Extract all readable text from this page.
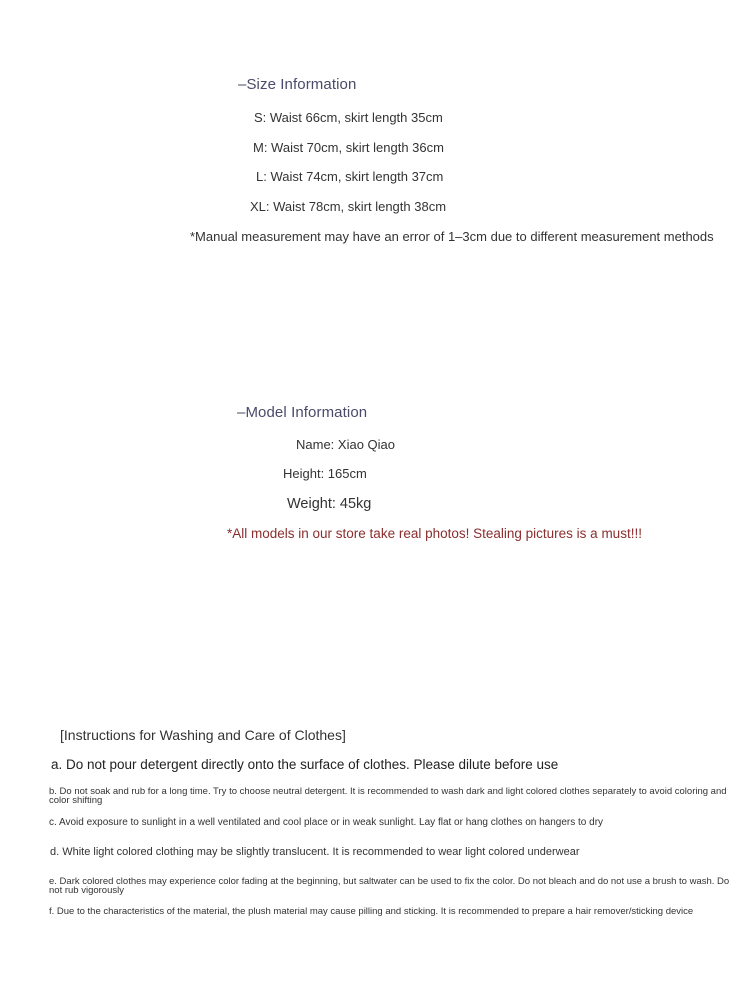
–Size Information
S: Waist 66cm, skirt length 35cm
M: Waist 70cm, skirt length 36cm
L: Waist 74cm, skirt length 37cm
XL: Waist 78cm, skirt length 38cm
*Manual measurement may have an error of 1–3cm due to different measurement methods
–Model Information
Name: Xiao Qiao
Height: 165cm
Weight: 45kg
*All models in our store take real photos! Stealing pictures is a must!!!
[Instructions for Washing and Care of Clothes]
a. Do not pour detergent directly onto the surface of clothes. Please dilute before use
b. Do not soak and rub for a long time. Try to choose neutral detergent. It is recommended to wash dark and light colored clothes separately to avoid coloring and color shifting
c. Avoid exposure to sunlight in a well ventilated and cool place or in weak sunlight. Lay flat or hang clothes on hangers to dry
d. White light colored clothing may be slightly translucent. It is recommended to wear light colored underwear
e. Dark colored clothes may experience color fading at the beginning, but saltwater can be used to fix the color. Do not bleach and do not use a brush to wash. Do not rub vigorously
f. Due to the characteristics of the material, the plush material may cause pilling and sticking. It is recommended to prepare a hair remover/sticking device
